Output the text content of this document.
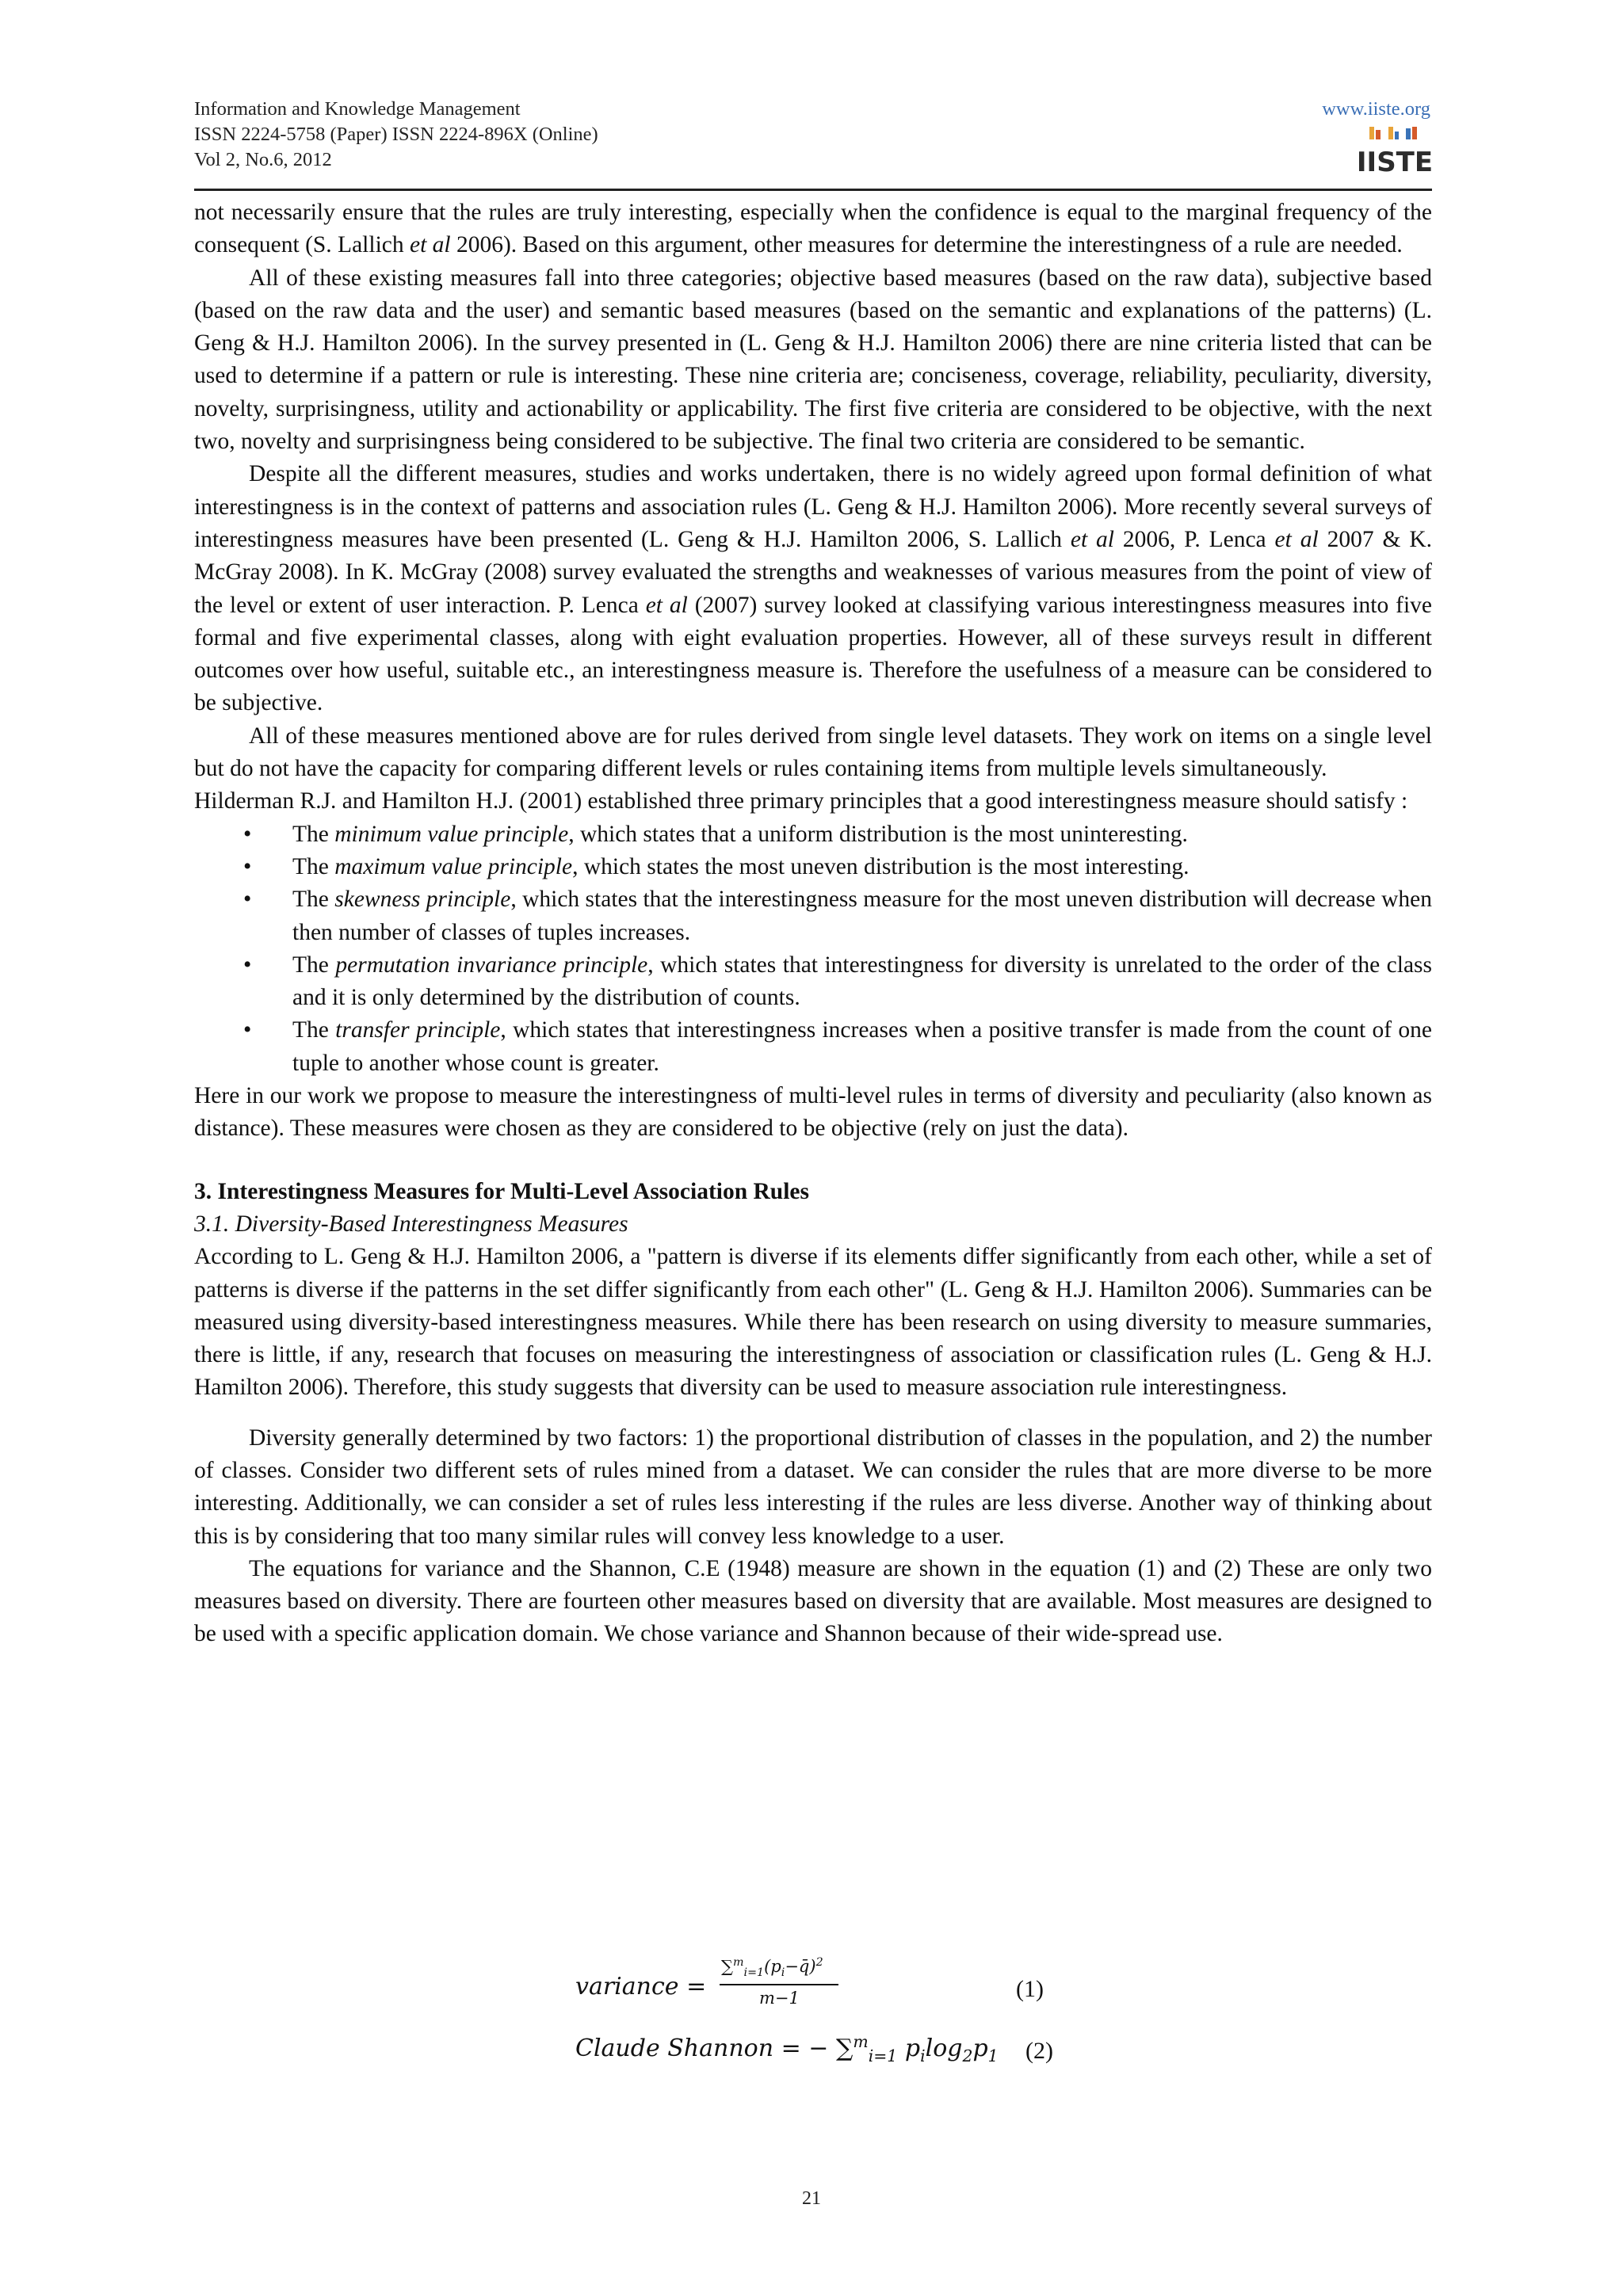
Information and Knowledge Management
ISSN 2224-5758 (Paper) ISSN 2224-896X (Online)
Vol 2, No.6, 2012
www.iiste.org
IISTE

not necessarily ensure that the rules are truly interesting, especially when the confidence is equal to the marginal frequency of the consequent (S. Lallich et al 2006). Based on this argument, other measures for determine the interestingness of a rule are needed.

All of these existing measures fall into three categories; objective based measures (based on the raw data), subjective based (based on the raw data and the user) and semantic based measures (based on the semantic and explanations of the patterns) (L. Geng & H.J. Hamilton 2006). In the survey presented in (L. Geng & H.J. Hamilton 2006) there are nine criteria listed that can be used to determine if a pattern or rule is interesting. These nine criteria are; conciseness, coverage, reliability, peculiarity, diversity, novelty, surprisingness, utility and actionability or applicability. The first five criteria are considered to be objective, with the next two, novelty and surprisingness being considered to be subjective. The final two criteria are considered to be semantic.

Despite all the different measures, studies and works undertaken, there is no widely agreed upon formal definition of what interestingness is in the context of patterns and association rules (L. Geng & H.J. Hamilton 2006). More recently several surveys of interestingness measures have been presented (L. Geng & H.J. Hamilton 2006, S. Lallich et al 2006, P. Lenca et al 2007 & K. McGray 2008). In K. McGray (2008) survey evaluated the strengths and weaknesses of various measures from the point of view of the level or extent of user interaction. P. Lenca et al (2007) survey looked at classifying various interestingness measures into five formal and five experimental classes, along with eight evaluation properties. However, all of these surveys result in different outcomes over how useful, suitable etc., an interestingness measure is. Therefore the usefulness of a measure can be considered to be subjective.

All of these measures mentioned above are for rules derived from single level datasets. They work on items on a single level but do not have the capacity for comparing different levels or rules containing items from multiple levels simultaneously.

Hilderman R.J. and Hamilton H.J. (2001) established three primary principles that a good interestingness measure should satisfy :

• The minimum value principle, which states that a uniform distribution is the most uninteresting.
• The maximum value principle, which states the most uneven distribution is the most interesting.
• The skewness principle, which states that the interestingness measure for the most uneven distribution will decrease when then number of classes of tuples increases.
• The permutation invariance principle, which states that interestingness for diversity is unrelated to the order of the class and it is only determined by the distribution of counts.
• The transfer principle, which states that interestingness increases when a positive transfer is made from the count of one tuple to another whose count is greater.

Here in our work we propose to measure the interestingness of multi-level rules in terms of diversity and peculiarity (also known as distance). These measures were chosen as they are considered to be objective (rely on just the data).

3. Interestingness Measures for Multi-Level Association Rules
3.1. Diversity-Based Interestingness Measures

According to L. Geng & H.J. Hamilton 2006, a "pattern is diverse if its elements differ significantly from each other, while a set of patterns is diverse if the patterns in the set differ significantly from each other" (L. Geng & H.J. Hamilton 2006). Summaries can be measured using diversity-based interestingness measures. While there has been research on using diversity to measure summaries, there is little, if any, research that focuses on measuring the interestingness of association or classification rules (L. Geng & H.J. Hamilton 2006). Therefore, this study suggests that diversity can be used to measure association rule interestingness.

Diversity generally determined by two factors: 1) the proportional distribution of classes in the population, and 2) the number of classes. Consider two different sets of rules mined from a dataset. We can consider the rules that are more diverse to be more interesting. Additionally, we can consider a set of rules less interesting if the rules are less diverse. Another way of thinking about this is by considering that too many similar rules will convey less knowledge to a user.

The equations for variance and the Shannon, C.E (1948) measure are shown in the equation (1) and (2) These are only two measures based on diversity. There are fourteen other measures based on diversity that are available. Most measures are designed to be used with a specific application domain. We chose variance and Shannon because of their wide-spread use.

variance =
$\sum^m_{i=1}(p_i-q̄)^2$
m−1	(1)
Claude Shannon = − ∑$^m_{i=1}$ $p_i\log_2p_1$ (2)
21
